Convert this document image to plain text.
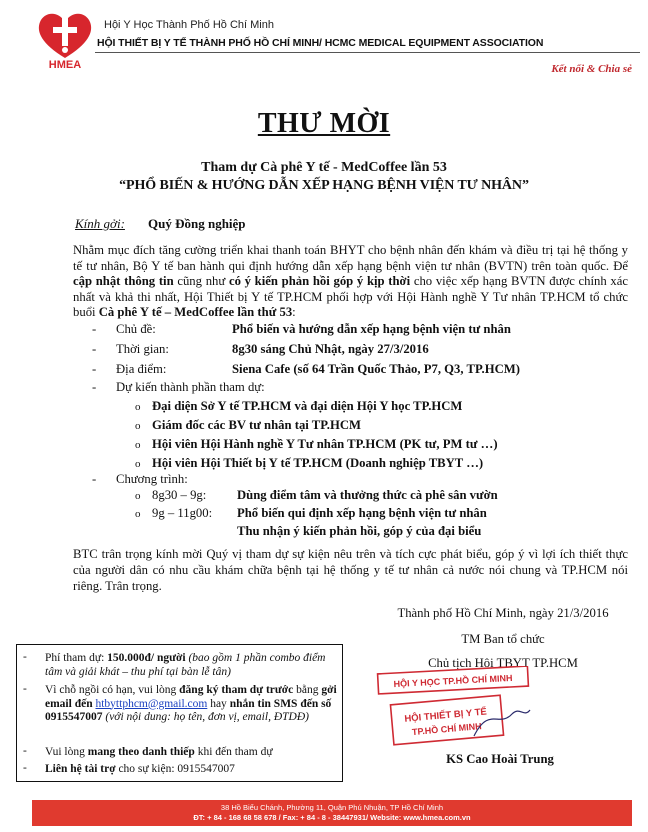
HMEA
Hội Y Học Thành Phố Hồ Chí Minh
HỘI THIẾT BỊ Y TẾ THÀNH PHỐ HỒ CHÍ MINH/ HCMC MEDICAL EQUIPMENT ASSOCIATION
Kết nối & Chia sẻ
THƯ MỜI
Tham dự Cà phê Y tế - MedCoffee lần 53
“PHỔ BIẾN & HƯỚNG DẪN XẾP HẠNG BỆNH VIỆN TƯ NHÂN”
Kính gởi: Quý Đồng nghiệp
Nhằm mục đích tăng cường triển khai thanh toán BHYT cho bệnh nhân đến khám và điều trị tại hệ thống y tế tư nhân, Bộ Y tế ban hành qui định hướng dẫn xếp hạng bệnh viện tư nhân (BVTN) trên toàn quốc. Để cập nhật thông tin cũng như có ý kiến phản hồi góp ý kịp thời cho việc xếp hạng BVTN được chính xác nhất và khả thi nhất, Hội Thiết bị Y tế TP.HCM phối hợp với Hội Hành nghề Y Tư nhân TP.HCM tổ chức buổi Cà phê Y tế – MedCoffee lần thứ 53:
- Chủ đề:	Phổ biến và hướng dẫn xếp hạng bệnh viện tư nhân
- Thời gian:	8g30 sáng Chủ Nhật, ngày 27/3/2016
- Địa điểm:	Siena Cafe (số 64 Trần Quốc Thảo, P7, Q3, TP.HCM)
- Dự kiến thành phần tham dự:
o Đại diện Sở Y tế TP.HCM và đại diện Hội Y học TP.HCM
o Giám đốc các BV tư nhân tại TP.HCM
o Hội viên Hội Hành nghề Y Tư nhân TP.HCM (PK tư, PM tư …)
o Hội viên Hội Thiết bị Y tế TP.HCM (Doanh nghiệp TBYT …)
- Chương trình:
o 8g30 – 9g: Dùng điểm tâm và thưởng thức cà phê sân vườn
o 9g – 11g00: Phổ biến qui định xếp hạng bệnh viện tư nhân
Thu nhận ý kiến phản hồi, góp ý của đại biểu
BTC trân trọng kính mời Quý vị tham dự sự kiện nêu trên và tích cực phát biểu, góp ý vì lợi ích thiết thực của người dân có nhu cầu khám chữa bệnh tại hệ thống y tế tư nhân cả nước nói chung và TP.HCM nói riêng. Trân trọng.
Thành phố Hồ Chí Minh, ngày 21/3/2016
TM Ban tổ chức
Chủ tịch Hội TBYT TP.HCM
HỘI Y HỌC TP.HỒ CHÍ MINH
HỘI THIẾT BỊ Y TẾ
TP.HỒ CHÍ MINH
KS Cao Hoài Trung
- Phí tham dự: 150.000đ/ người (bao gồm 1 phần combo điểm tâm và giải khát – thu phí tại bàn lễ tân)
- Vì chỗ ngồi có hạn, vui lòng đăng ký tham dự trước bằng gởi email đến htbyttphcm@gmail.com hay nhắn tin SMS đến số 0915547007 (với nội dung: họ tên, đơn vị, email, ĐTDĐ)
- Vui lòng mang theo danh thiếp khi đến tham dự
- Liên hệ tài trợ cho sự kiện: 0915547007
38 Hồ Biểu Chánh, Phường 11, Quận Phú Nhuận, TP Hồ Chí Minh
ĐT: + 84 - 168 68 58 678 / Fax: + 84 - 8 - 38447931/ Website: www.hmea.com.vn
